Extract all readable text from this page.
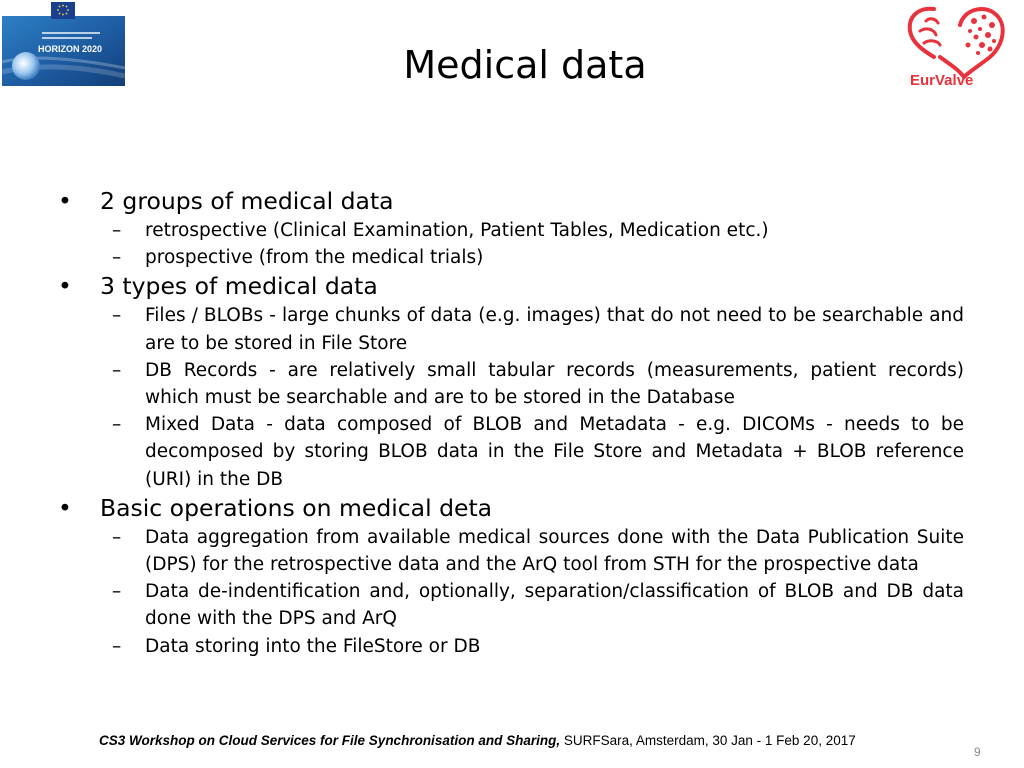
HORIZON 2020	Medical data	EurValve
• 2 groups of medical data
– retrospective (Clinical Examination, Patient Tables, Medication etc.)
– prospective (from the medical trials)
• 3 types of medical data
– Files / BLOBs - large chunks of data (e.g. images) that do not need to be searchable and are to be stored in File Store
– DB Records - are relatively small tabular records (measurements, patient records) which must be searchable and are to be stored in the Database
– Mixed Data - data composed of BLOB and Metadata - e.g. DICOMs - needs to be decomposed by storing BLOB data in the File Store and Metadata + BLOB reference (URI) in the DB
• Basic operations on medical deta
– Data aggregation from available medical sources done with the Data Publication Suite (DPS) for the retrospective data and the ArQ tool from STH for the prospective data
– Data de-indentification and, optionally, separation/classification of BLOB and DB data done with the DPS and ArQ
– Data storing into the FileStore or DB
CS3 Workshop on Cloud Services for File Synchronisation and Sharing, SURFSara, Amsterdam, 30 Jan - 1 Feb 20, 2017
9
